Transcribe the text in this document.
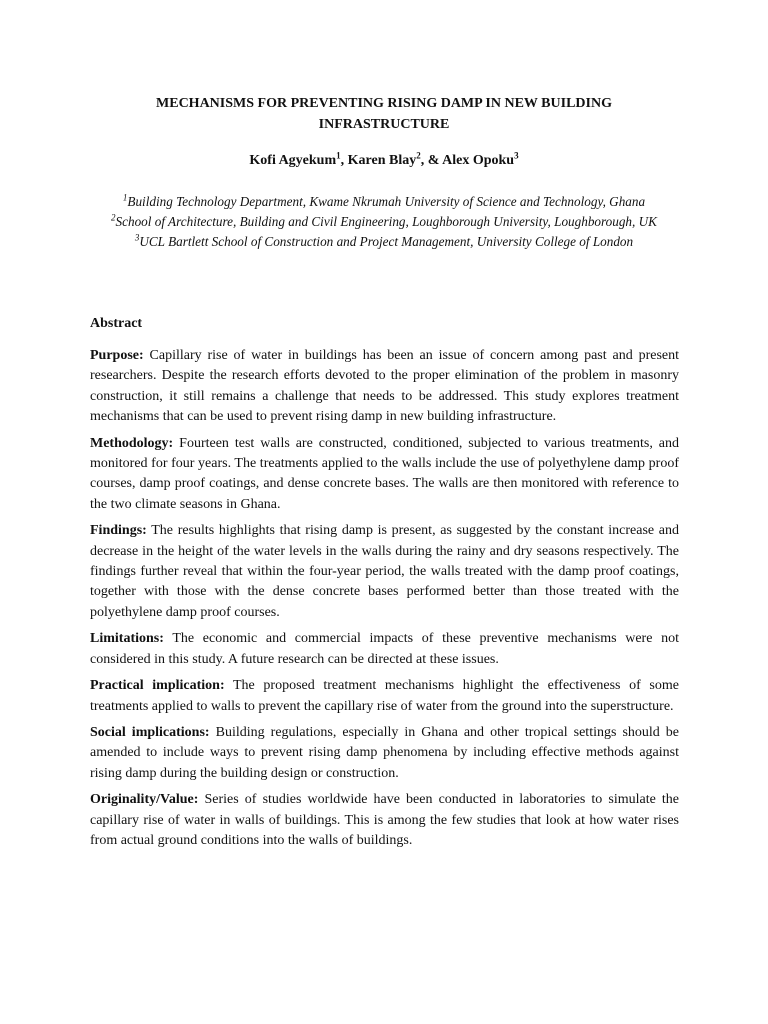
MECHANISMS FOR PREVENTING RISING DAMP IN NEW BUILDING
INFRASTRUCTURE
Kofi Agyekum$^1$, Karen Blay$^2$, & Alex Opoku$^3$
$^1$Building Technology Department, Kwame Nkrumah University of Science and Technology, Ghana
$^2$School of Architecture, Building and Civil Engineering, Loughborough University, Loughborough, UK
$^3$UCL Bartlett School of Construction and Project Management, University College of London
Abstract

Purpose: Capillary rise of water in buildings has been an issue of concern among past and present researchers. Despite the research efforts devoted to the proper elimination of the problem in masonry construction, it still remains a challenge that needs to be addressed. This study explores treatment mechanisms that can be used to prevent rising damp in new building infrastructure.

Methodology: Fourteen test walls are constructed, conditioned, subjected to various treatments, and monitored for four years. The treatments applied to the walls include the use of polyethylene damp proof courses, damp proof coatings, and dense concrete bases. The walls are then monitored with reference to the two climate seasons in Ghana.

Findings: The results highlights that rising damp is present, as suggested by the constant increase and decrease in the height of the water levels in the walls during the rainy and dry seasons respectively. The findings further reveal that within the four-year period, the walls treated with the damp proof coatings, together with those with the dense concrete bases performed better than those treated with the polyethylene damp proof courses.

Limitations: The economic and commercial impacts of these preventive mechanisms were not considered in this study. A future research can be directed at these issues.

Practical implication: The proposed treatment mechanisms highlight the effectiveness of some treatments applied to walls to prevent the capillary rise of water from the ground into the superstructure.

Social implications: Building regulations, especially in Ghana and other tropical settings should be amended to include ways to prevent rising damp phenomena by including effective methods against rising damp during the building design or construction.

Originality/Value: Series of studies worldwide have been conducted in laboratories to simulate the capillary rise of water in walls of buildings. This is among the few studies that look at how water rises from actual ground conditions into the walls of buildings.
